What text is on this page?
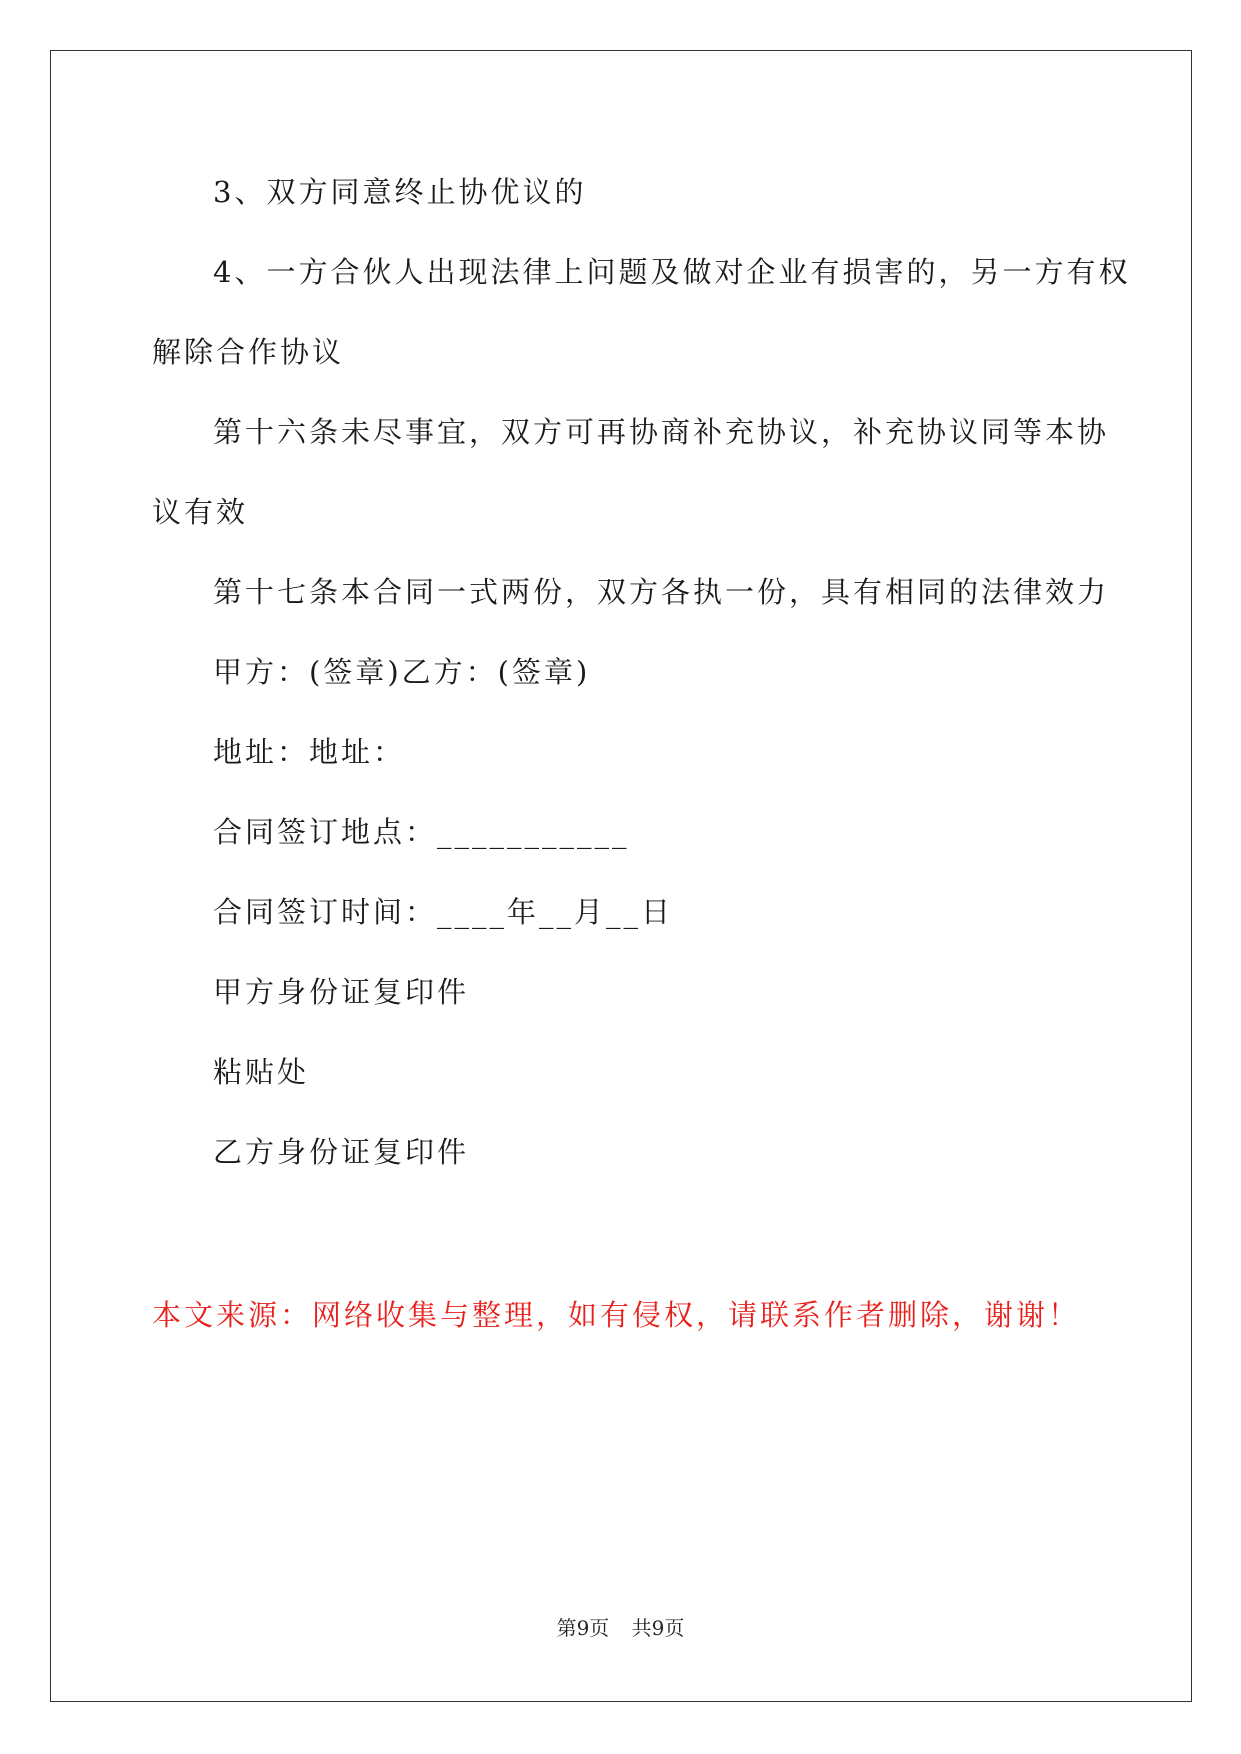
3、双方同意终止协优议的
4、一方合伙人出现法律上问题及做对企业有损害的，另一方有权
解除合作协议
第十六条未尽事宜，双方可再协商补充协议，补充协议同等本协
议有效
第十七条本合同一式两份，双方各执一份，具有相同的法律效力
甲方：(签章)乙方：(签章)
地址：地址：
合同签订地点：___________
合同签订时间：____年__月__日
甲方身份证复印件
粘贴处
乙方身份证复印件
本文来源：网络收集与整理，如有侵权，请联系作者删除，谢谢！
第9页 共9页
